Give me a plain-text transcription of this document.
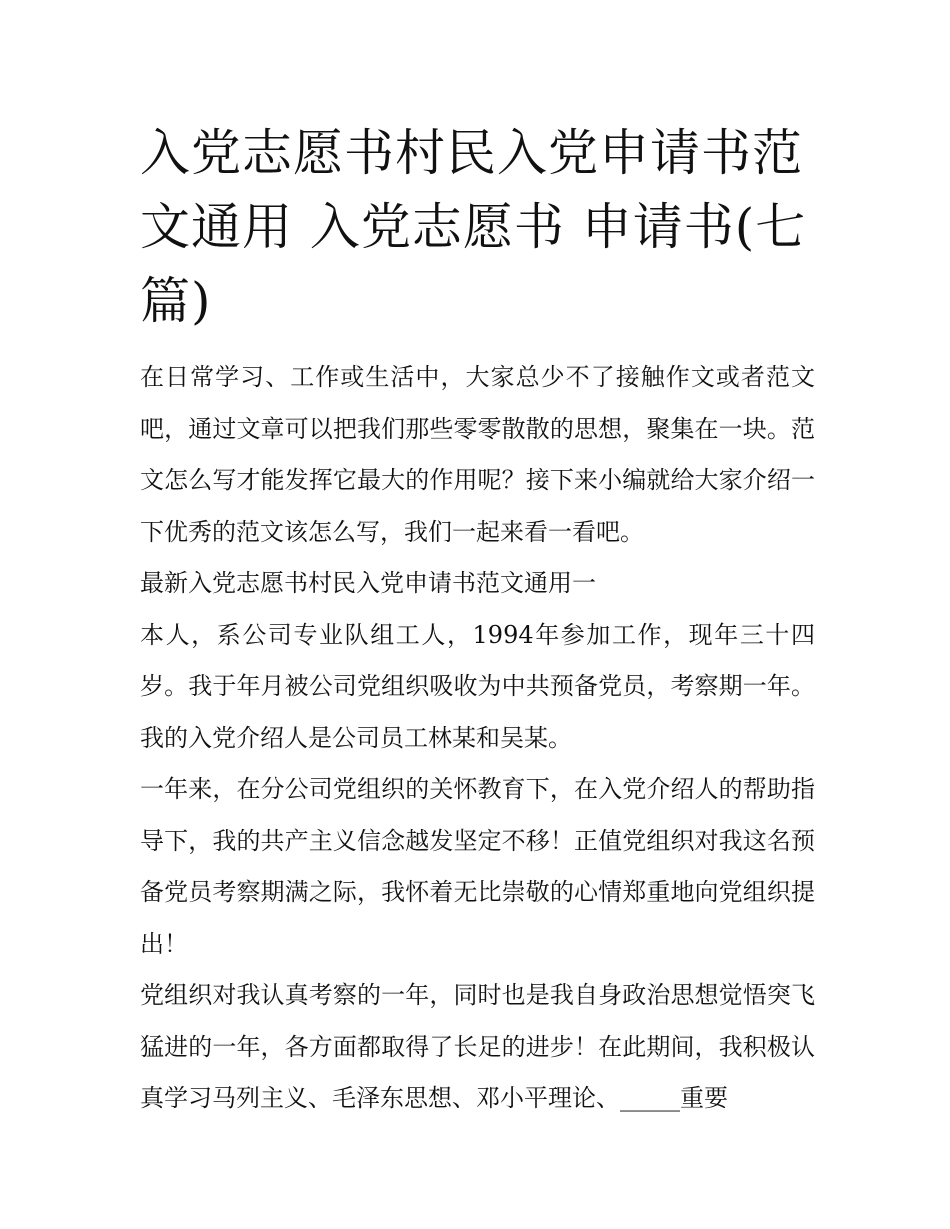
入党志愿书村民入党申请书范文通用 入党志愿书 申请书(七篇)

在日常学习、工作或生活中，大家总少不了接触作文或者范文吧，通过文章可以把我们那些零零散散的思想，聚集在一块。范文怎么写才能发挥它最大的作用呢？接下来小编就给大家介绍一下优秀的范文该怎么写，我们一起来看一看吧。

最新入党志愿书村民入党申请书范文通用一

本人，系公司专业队组工人，1994年参加工作，现年三十四岁。我于年月被公司党组织吸收为中共预备党员，考察期一年。我的入党介绍人是公司员工林某和吴某。

一年来，在分公司党组织的关怀教育下，在入党介绍人的帮助指导下，我的共产主义信念越发坚定不移！正值党组织对我这名预备党员考察期满之际，我怀着无比崇敬的心情郑重地向党组织提出！

党组织对我认真考察的一年，同时也是我自身政治思想觉悟突飞猛进的一年，各方面都取得了长足的进步！在此期间，我积极认真学习马列主义、毛泽东思想、邓小平理论、_____重要
